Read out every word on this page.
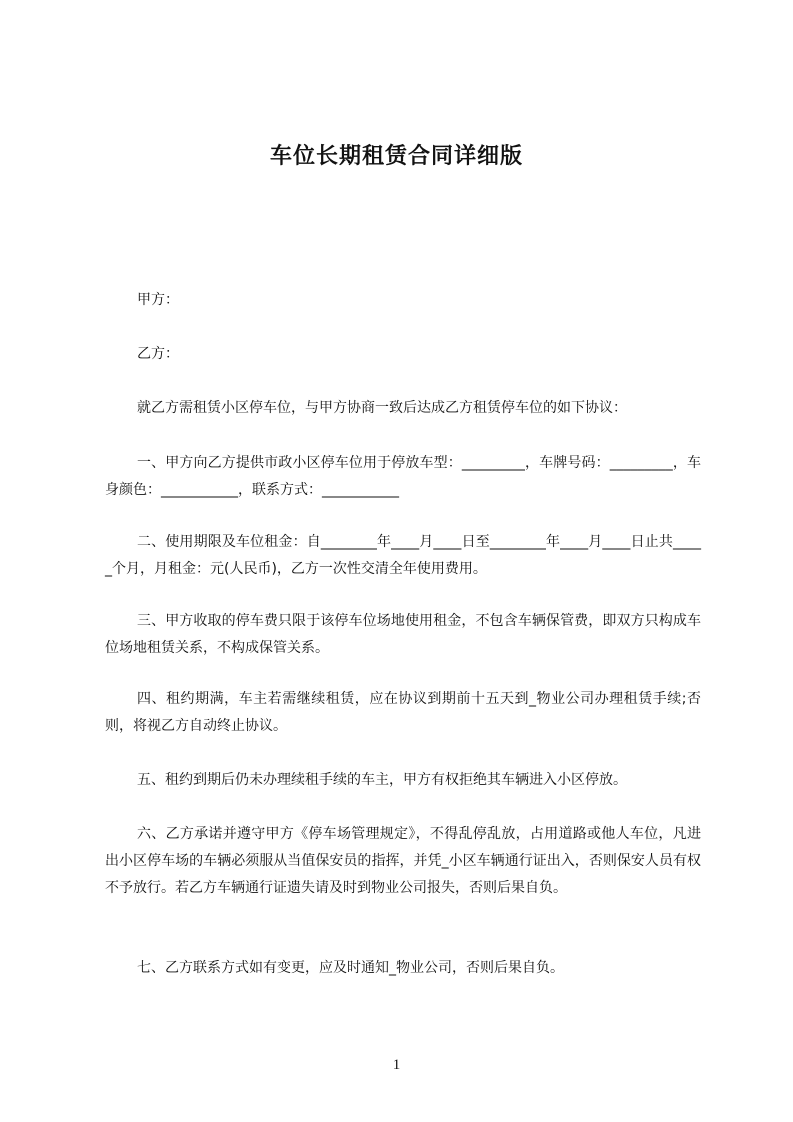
车位长期租赁合同详细版
甲方：
乙方：
就乙方需租赁小区停车位，与甲方协商一致后达成乙方租赁停车位的如下协议：
一、甲方向乙方提供市政小区停车位用于停放车型：_________，车牌号码：_________，车身颜色：___________，联系方式：___________
二、使用期限及车位租金：自________年____月____日至________年____月____日止共_____个月，月租金：元(人民币)，乙方一次性交清全年使用费用。
三、甲方收取的停车费只限于该停车位场地使用租金，不包含车辆保管费，即双方只构成车位场地租赁关系，不构成保管关系。
四、租约期满，车主若需继续租赁，应在协议到期前十五天到_物业公司办理租赁手续;否则，将视乙方自动终止协议。
五、租约到期后仍未办理续租手续的车主，甲方有权拒绝其车辆进入小区停放。
六、乙方承诺并遵守甲方《停车场管理规定》，不得乱停乱放，占用道路或他人车位，凡进出小区停车场的车辆必须服从当值保安员的指挥，并凭_小区车辆通行证出入，否则保安人员有权不予放行。若乙方车辆通行证遗失请及时到物业公司报失，否则后果自负。
七、乙方联系方式如有变更，应及时通知_物业公司，否则后果自负。
1
